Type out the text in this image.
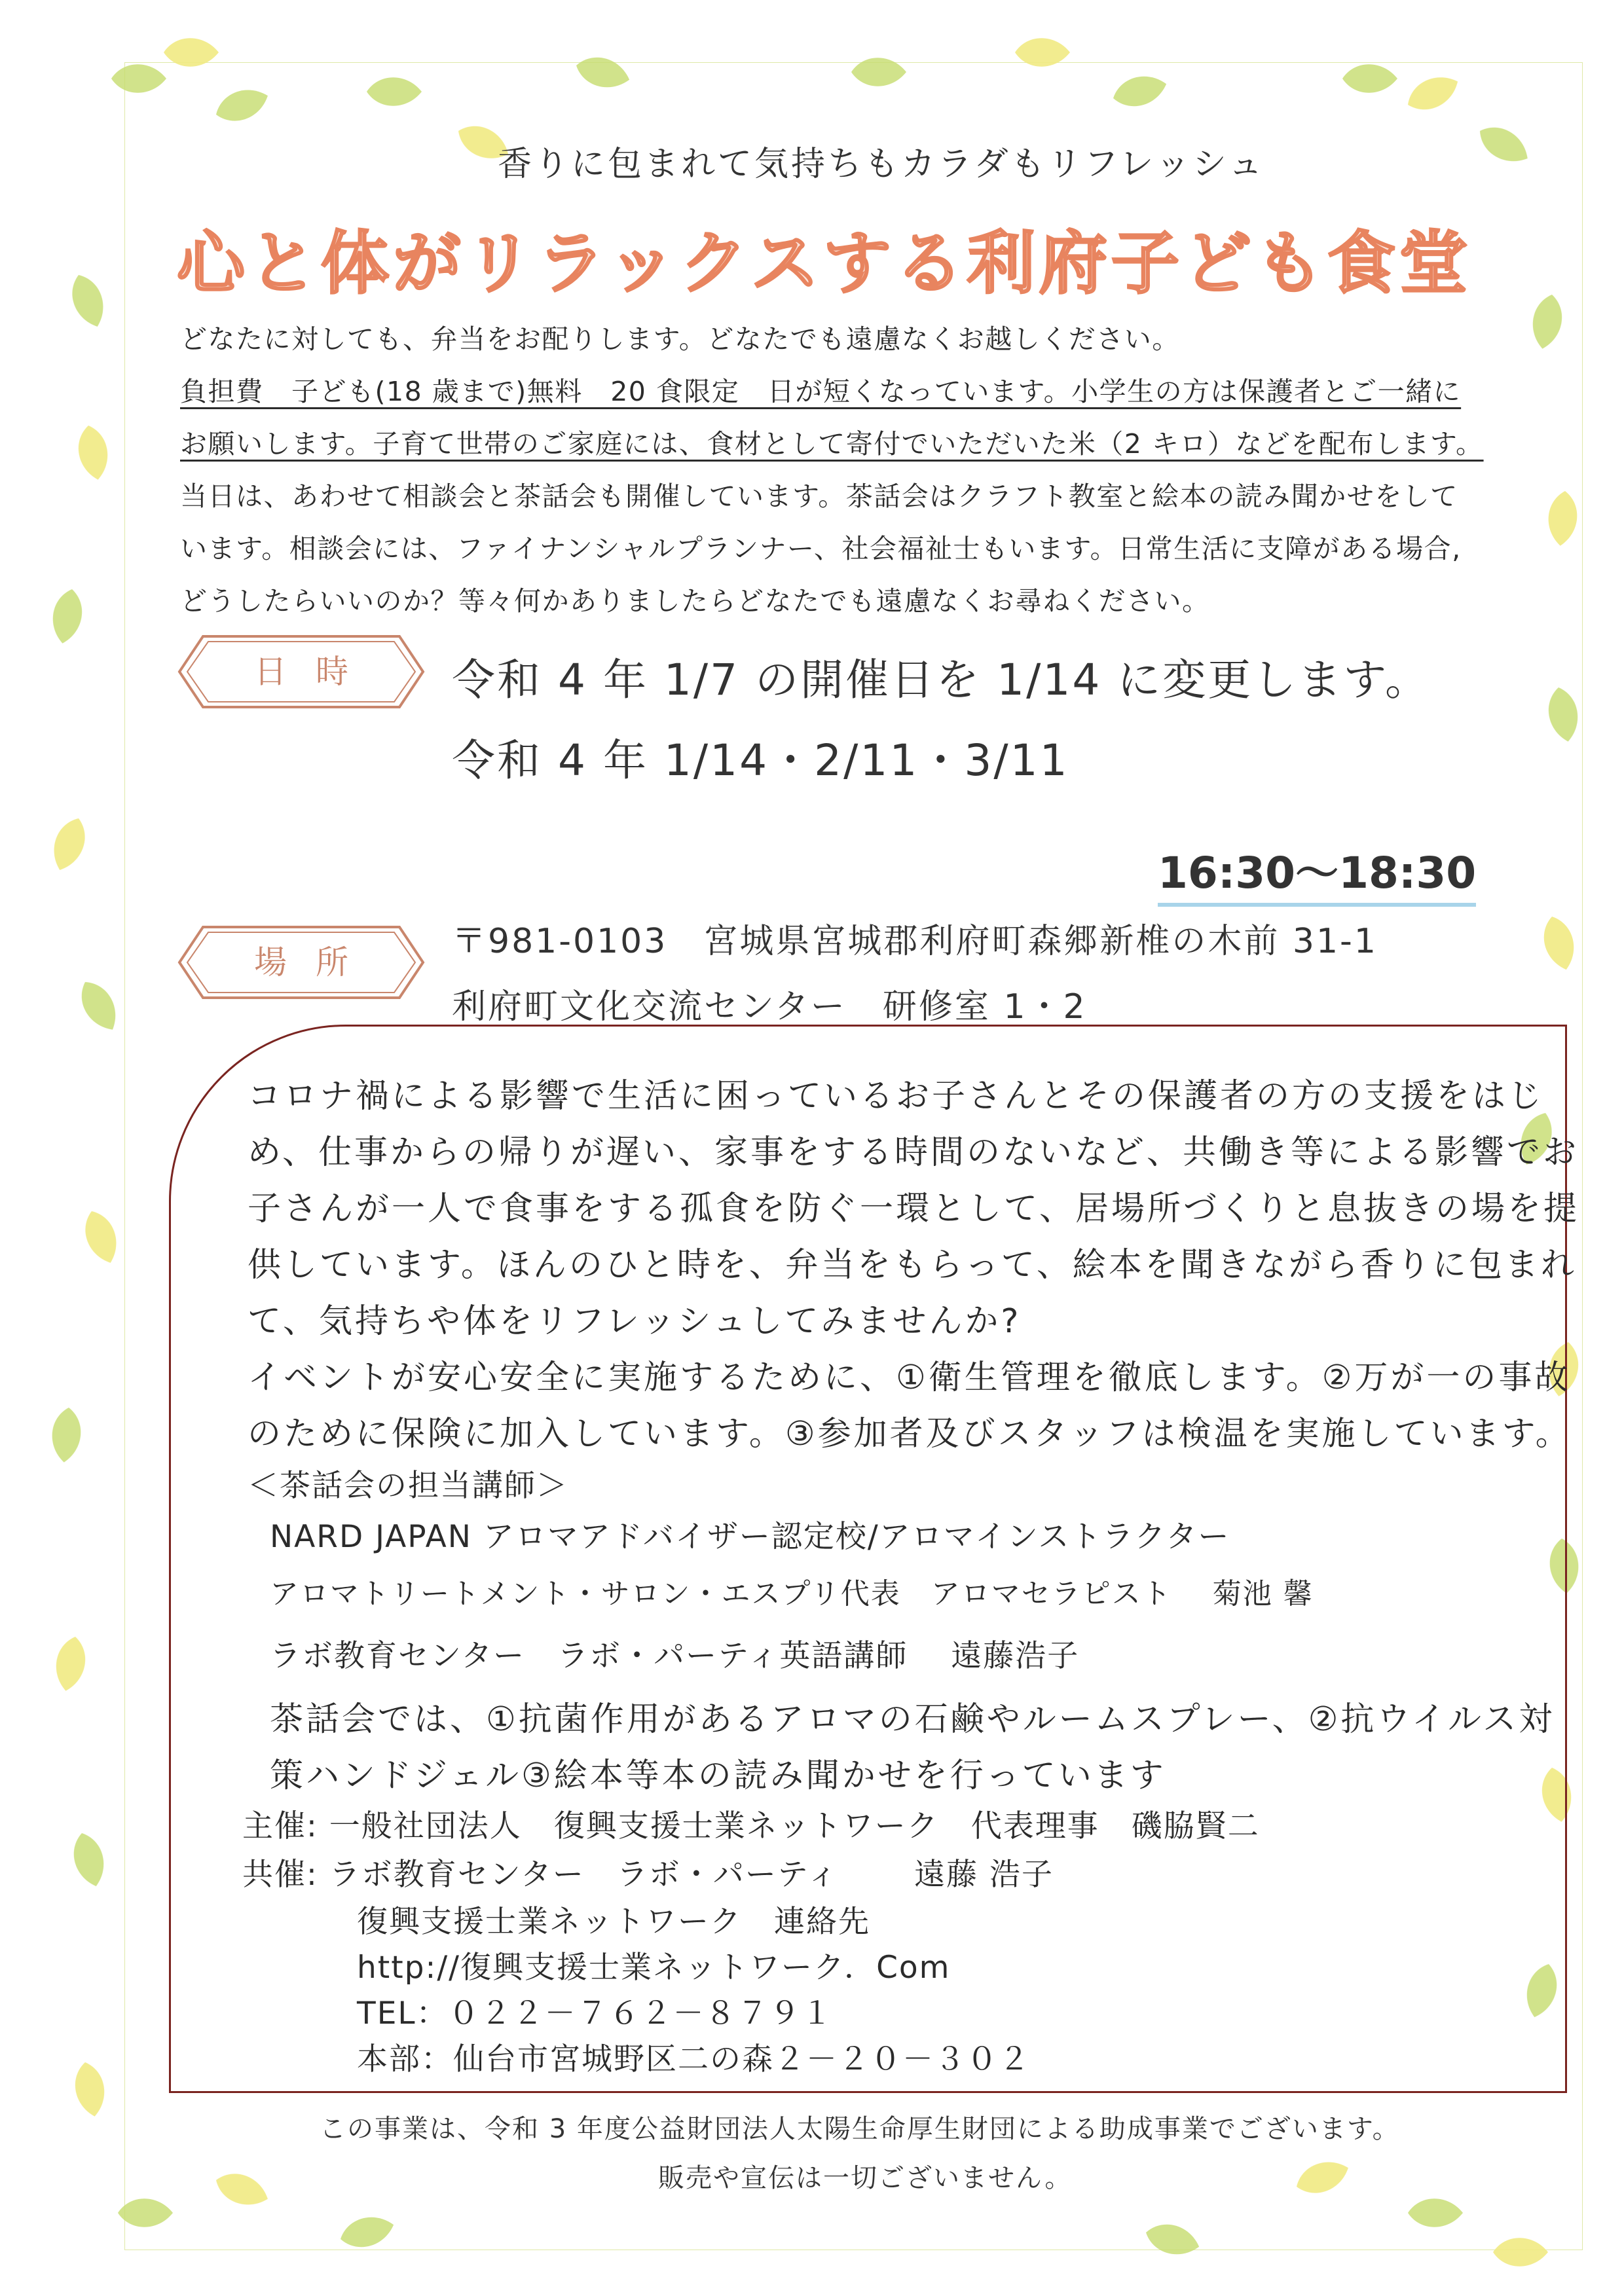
香りに包まれて気持ちもカラダもリフレッシュ
心と体がリラックスする利府子ども食堂
どなたに対しても、弁当をお配りします。どなたでも遠慮なくお越しください。
負担費　子ども(18 歳まで)無料　20 食限定　日が短くなっています。小学生の方は保護者とご一緒に
お願いします。子育て世帯のご家庭には、食材として寄付でいただいた米（2 キロ）などを配布します。
当日は、あわせて相談会と茶話会も開催しています。茶話会はクラフト教室と絵本の読み聞かせをして
います。相談会には、ファイナンシャルプランナー、社会福祉士もいます。日常生活に支障がある場合,
どうしたらいいのか？等々何かありましたらどなたでも遠慮なくお尋ねください。
日時	令和 4 年 1/7 の開催日を 1/14 に変更します。
令和 4 年 1/14・2/11・3/11
16:30～18:30
場所
〒981-0103　宮城県宮城郡利府町森郷新椎の木前 31-1
利府町文化交流センター　研修室 1・2
コロナ禍による影響で生活に困っているお子さんとその保護者の方の支援をはじ
め、仕事からの帰りが遅い、家事をする時間のないなど、共働き等による影響でお
子さんが一人で食事をする孤食を防ぐ一環として、居場所づくりと息抜きの場を提
供しています。ほんのひと時を、弁当をもらって、絵本を聞きながら香りに包まれ
て、気持ちや体をリフレッシュしてみませんか?
イベントが安心安全に実施するために、①衛生管理を徹底します。②万が一の事故
のために保険に加入しています。③参加者及びスタッフは検温を実施しています。
＜茶話会の担当講師＞
NARD JAPAN アロマアドバイザー認定校/アロマインストラクター
アロマトリートメント・サロン・エスプリ代表　アロマセラピスト　 菊池 馨
ラボ教育センター　ラボ・パーティ英語講師　 遠藤浩子
茶話会では、①抗菌作用があるアロマの石鹸やルームスプレー、②抗ウイルス対
策ハンドジェル③絵本等本の読み聞かせを行っています
主催: 一般社団法人　復興支援士業ネットワーク　代表理事　磯脇賢二
共催: ラボ教育センター　ラボ・パーティ　　 遠藤 浩子
復興支援士業ネットワーク　連絡先
http://復興支援士業ネットワーク．Com
TEL：０２２－７６２－８７９１
本部：仙台市宮城野区二の森２－２０－３０２
この事業は、令和 3 年度公益財団法人太陽生命厚生財団による助成事業でございます。
販売や宣伝は一切ございません。
